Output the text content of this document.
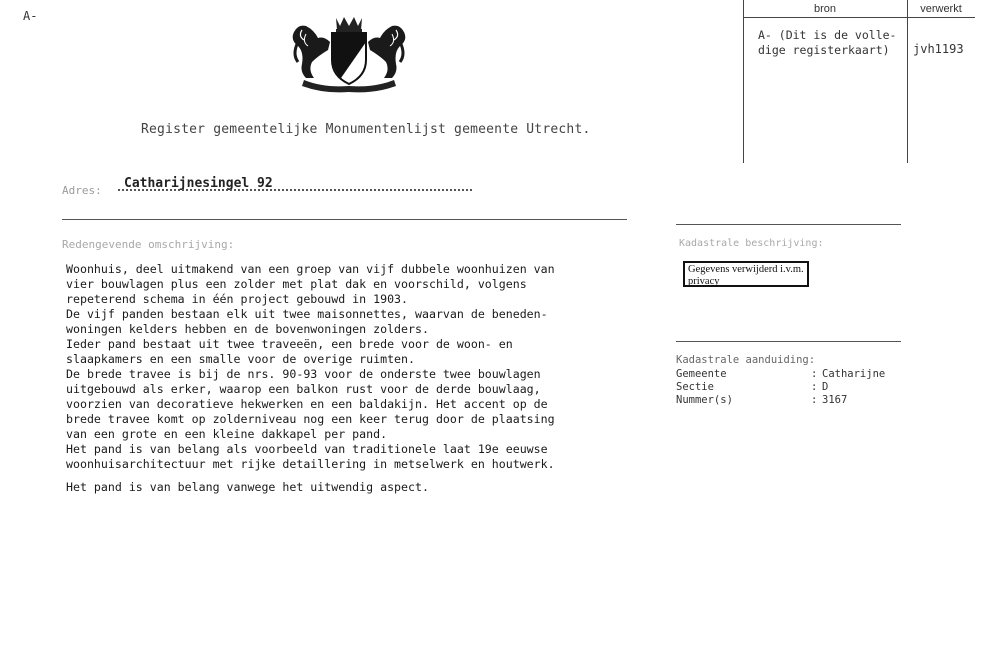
A-
Register gemeentelijke Monumentenlijst gemeente Utrecht.
Adres: Catharijnesingel 92
Redengevende omschrijving:

Woonhuis, deel uitmakend van een groep van vijf dubbele woonhuizen van
vier bouwlagen plus een zolder met plat dak en voorschild, volgens
repeterend schema in één project gebouwd in 1903.
De vijf panden bestaan elk uit twee maisonnettes, waarvan de beneden-
woningen kelders hebben en de bovenwoningen zolders.
Ieder pand bestaat uit twee traveeën, een brede voor de woon- en
slaapkamers en een smalle voor de overige ruimten.
De brede travee is bij de nrs. 90-93 voor de onderste twee bouwlagen
uitgebouwd als erker, waarop een balkon rust voor de derde bouwlaag,
voorzien van decoratieve hekwerken en een baldakijn. Het accent op de
brede travee komt op zolderniveau nog een keer terug door de plaatsing
van een grote en een kleine dakkapel per pand.
Het pand is van belang als voorbeeld van traditionele laat 19e eeuwse
woonhuisarchitectuur met rijke detaillering in metselwerk en houtwerk.

Het pand is van belang vanwege het uitwendig aspect.

bron	verwerkt
A- (Dit is de volle-
dige registerkaart)	jvh1193
Kadastrale beschrijving:
Gegevens verwijderd i.v.m. privacy
Kadastrale aanduiding:
Gemeente	: Catharijne
Sectie	: D
Nummer(s)	: 3167
